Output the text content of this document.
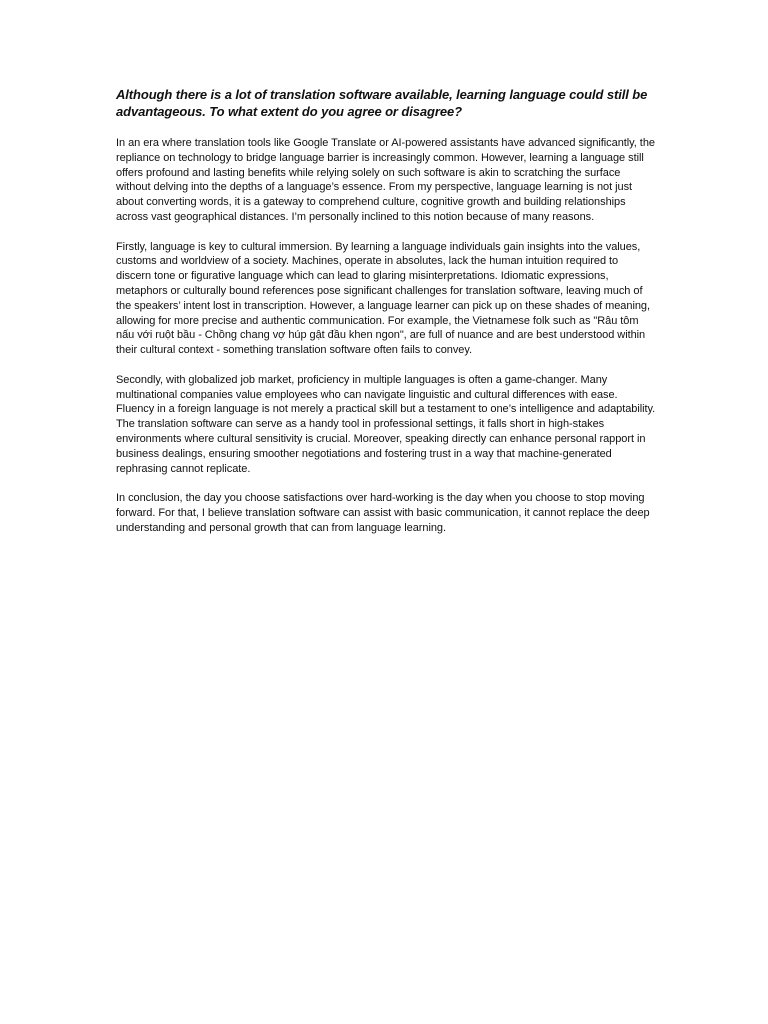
Although there is a lot of translation software available, learning language could still be advantageous. To what extent do you agree or disagree?

In an era where translation tools like Google Translate or AI-powered assistants have advanced significantly, the repliance on technology to bridge language barrier is increasingly common. However, learning a language still offers profound and lasting benefits while relying solely on such software is akin to scratching the surface without delving into the depths of a language’s essence. From my perspective, language learning is not just about converting words, it is a gateway to comprehend culture, cognitive growth and building relationships across vast geographical distances. I’m personally inclined to this notion because of many reasons.

Firstly, language is key to cultural immersion. By learning a language individuals gain insights into the values, customs and worldview of a society. Machines, operate in absolutes, lack the human intuition required to discern tone or figurative language which can lead to glaring misinterpretations. Idiomatic expressions, metaphors or culturally bound references pose significant challenges for translation software, leaving much of the speakers’ intent lost in transcription. However, a language learner can pick up on these shades of meaning, allowing for more precise and authentic communication. For example, the Vietnamese folk such as "Râu tôm nấu với ruột bầu - Chồng chang vợ húp gật đầu khen ngon", are full of nuance and are best understood within their cultural context - something translation software often fails to convey.

Secondly, with globalized job market, proficiency in multiple languages is often a game-changer. Many multinational companies value employees who can navigate linguistic and cultural differences with ease. Fluency in a foreign language is not merely a practical skill but a testament to one’s intelligence and adaptability. The translation software can serve as a handy tool in professional settings, it falls short in high-stakes environments where cultural sensitivity is crucial. Moreover, speaking directly can enhance personal rapport in business dealings, ensuring smoother negotiations and fostering trust in a way that machine-generated rephrasing cannot replicate.

In conclusion, the day you choose satisfactions over hard-working is the day when you choose to stop moving forward. For that, I believe translation software can assist with basic communication, it cannot replace the deep understanding and personal growth that can from language learning.
